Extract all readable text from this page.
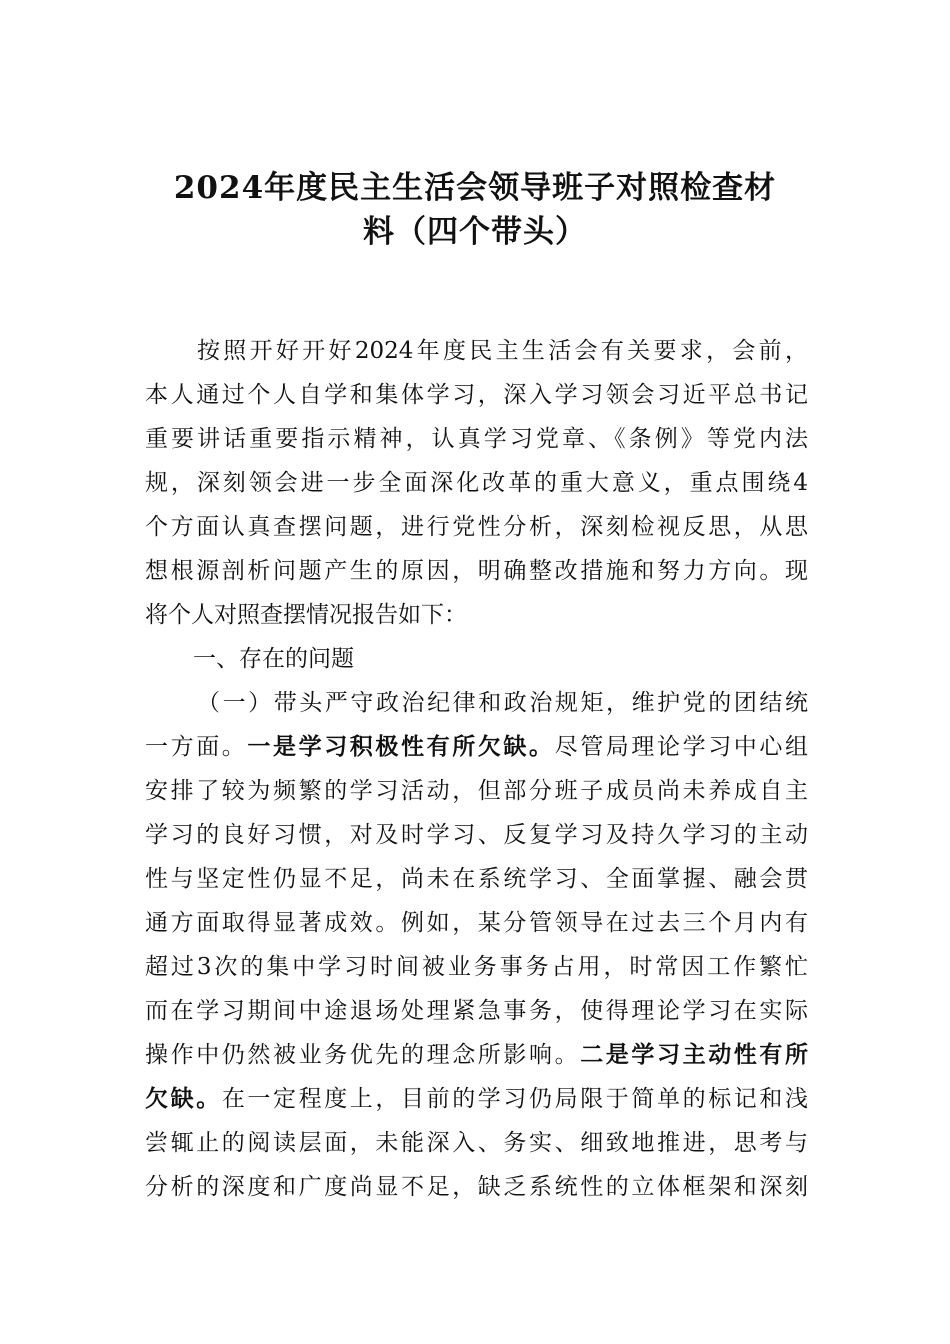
2024年度民主生活会领导班子对照检查材
料（四个带头）
按照开好开好2024年度民主生活会有关要求，会前，
本人通过个人自学和集体学习，深入学习领会习近平总书记
重要讲话重要指示精神，认真学习党章、《条例》等党内法
规，深刻领会进一步全面深化改革的重大意义，重点围绕4
个方面认真查摆问题，进行党性分析，深刻检视反思，从思
想根源剖析问题产生的原因，明确整改措施和努力方向。现
将个人对照查摆情况报告如下：
一、存在的问题
（一）带头严守政治纪律和政治规矩，维护党的团结统
一方面。一是学习积极性有所欠缺。尽管局理论学习中心组
安排了较为频繁的学习活动，但部分班子成员尚未养成自主
学习的良好习惯，对及时学习、反复学习及持久学习的主动
性与坚定性仍显不足，尚未在系统学习、全面掌握、融会贯
通方面取得显著成效。例如，某分管领导在过去三个月内有
超过3次的集中学习时间被业务事务占用，时常因工作繁忙
而在学习期间中途退场处理紧急事务，使得理论学习在实际
操作中仍然被业务优先的理念所影响。二是学习主动性有所
欠缺。在一定程度上，目前的学习仍局限于简单的标记和浅
尝辄止的阅读层面，未能深入、务实、细致地推进，思考与
分析的深度和广度尚显不足，缺乏系统性的立体框架和深刻
